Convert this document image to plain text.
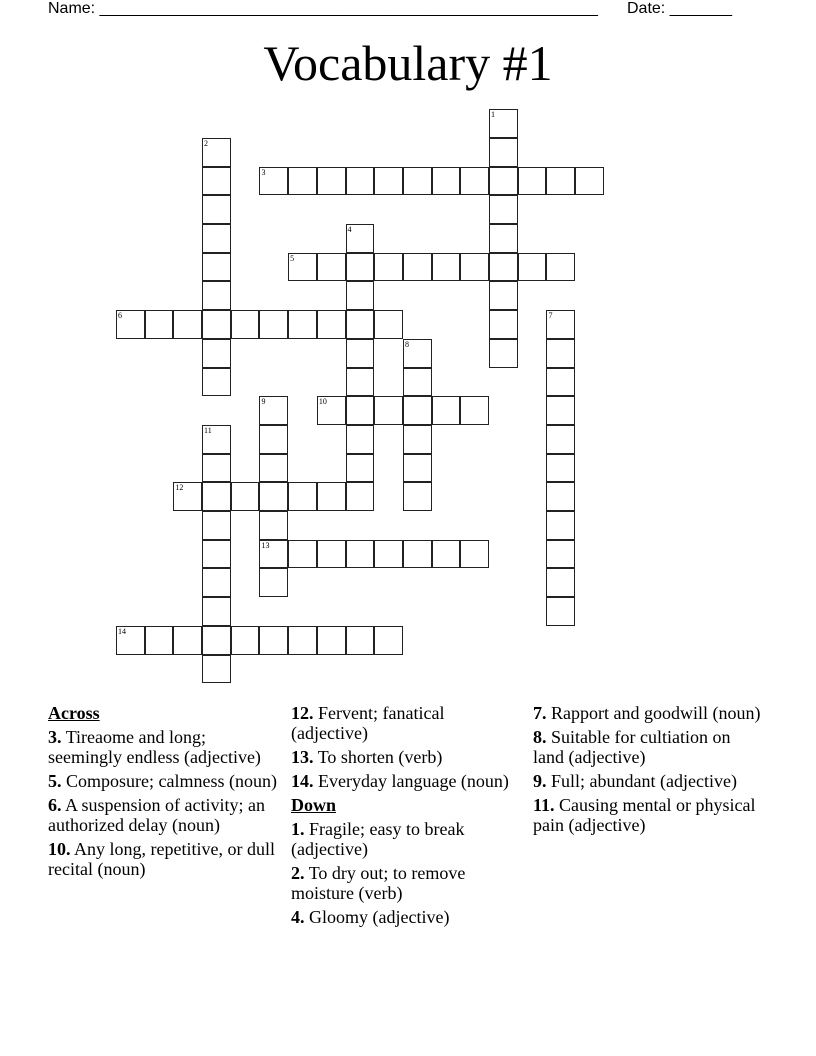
Name: ________________________________________________________ Date: _______
Vocabulary #1
1
2
3
4
5
6	7
8
9
13
10
11
12
14
Across
3. Tireaome and long; seemingly endless (adjective)
5. Composure; calmness (noun)
6. A suspension of activity; an authorized delay (noun)
10. Any long, repetitive, or dull recital (noun)
12. Fervent; fanatical (adjective)
13. To shorten (verb)
14. Everyday language (noun)
Down
1. Fragile; easy to break (adjective)
2. To dry out; to remove moisture (verb)
4. Gloomy (adjective)
7. Rapport and goodwill (noun)
8. Suitable for cultiation on land (adjective)
9. Full; abundant (adjective)
11. Causing mental or physical pain (adjective)
